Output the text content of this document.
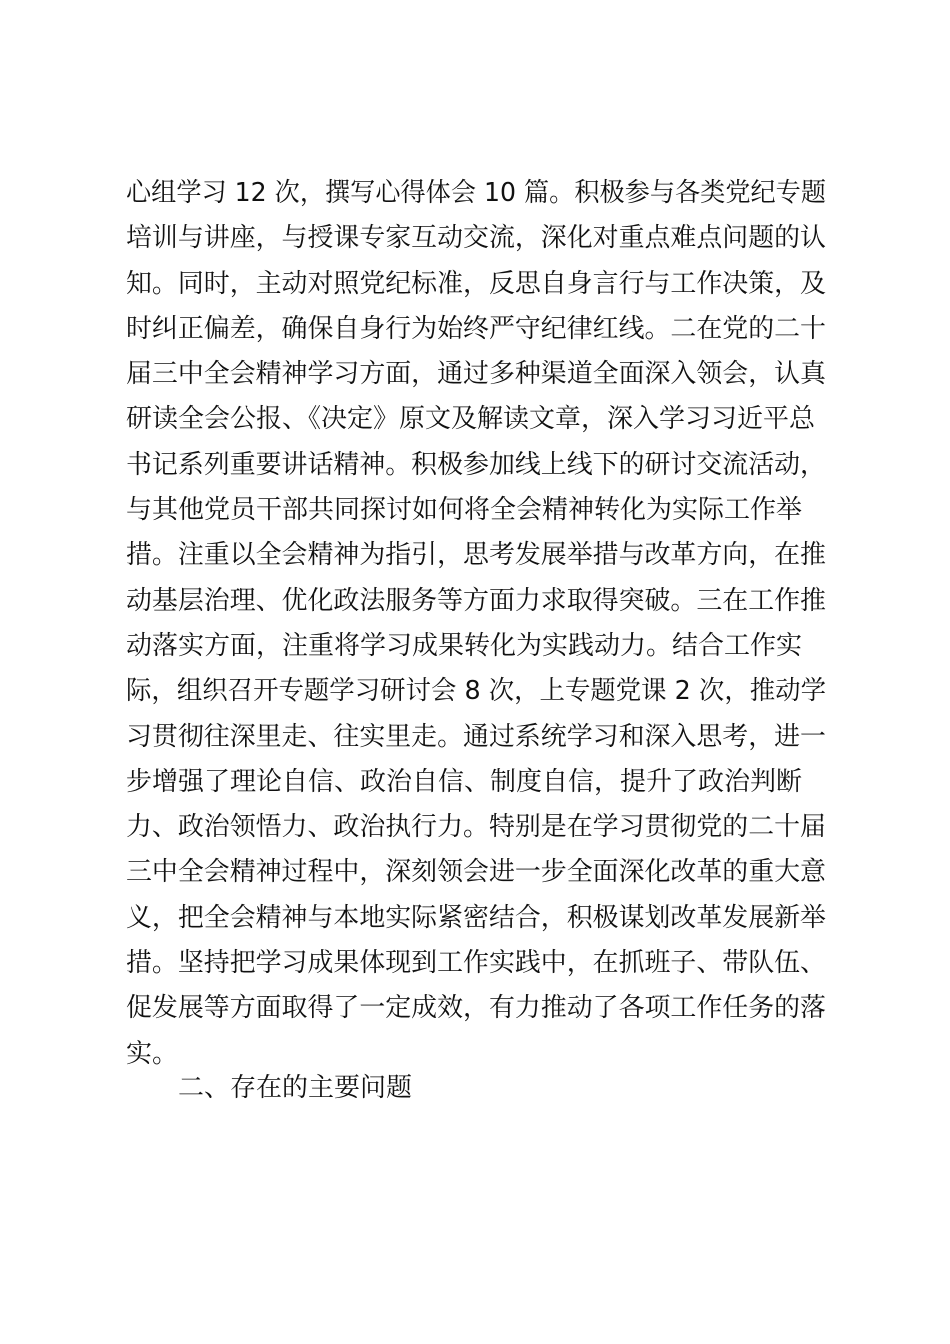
心组学习 12 次，撰写心得体会 10 篇。积极参与各类党纪专题
培训与讲座，与授课专家互动交流，深化对重点难点问题的认
知。同时，主动对照党纪标准，反思自身言行与工作决策，及
时纠正偏差，确保自身行为始终严守纪律红线。二在党的二十
届三中全会精神学习方面，通过多种渠道全面深入领会，认真
研读全会公报、《决定》原文及解读文章，深入学习习近平总
书记系列重要讲话精神。积极参加线上线下的研讨交流活动，
与其他党员干部共同探讨如何将全会精神转化为实际工作举
措。注重以全会精神为指引，思考发展举措与改革方向，在推
动基层治理、优化政法服务等方面力求取得突破。三在工作推
动落实方面，注重将学习成果转化为实践动力。结合工作实
际，组织召开专题学习研讨会 8 次，上专题党课 2 次，推动学
习贯彻往深里走、往实里走。通过系统学习和深入思考，进一
步增强了理论自信、政治自信、制度自信，提升了政治判断
力、政治领悟力、政治执行力。特别是在学习贯彻党的二十届
三中全会精神过程中，深刻领会进一步全面深化改革的重大意
义，把全会精神与本地实际紧密结合，积极谋划改革发展新举
措。坚持把学习成果体现到工作实践中，在抓班子、带队伍、
促发展等方面取得了一定成效，有力推动了各项工作任务的落
实。
二、存在的主要问题
